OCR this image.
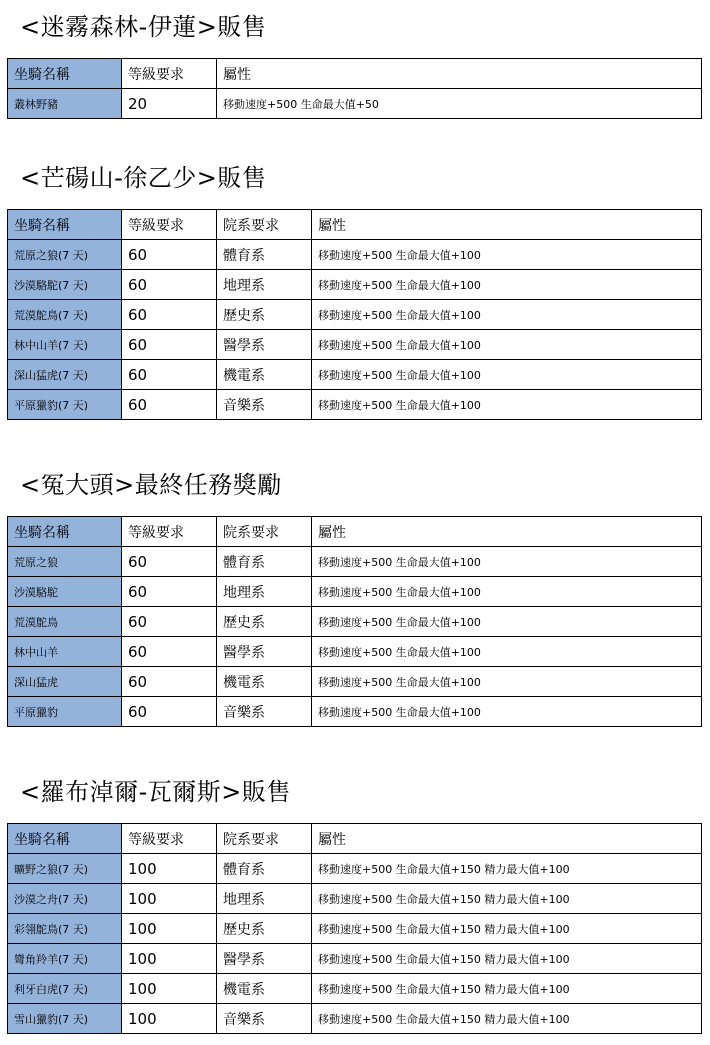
<迷霧森林-伊蓮>販售
坐騎名稱	等級要求	屬性
叢林野豬	20	移動速度+500 生命最大值+50
<芒碭山-徐乙少>販售
坐騎名稱	等級要求	院系要求	屬性
荒原之狼(7 天)	60	體育系	移動速度+500 生命最大值+100
沙漠駱駝(7 天)	60	地理系	移動速度+500 生命最大值+100
荒漠鴕鳥(7 天)	60	歷史系	移動速度+500 生命最大值+100
林中山羊(7 天)	60	醫學系	移動速度+500 生命最大值+100
深山猛虎(7 天)	60	機電系	移動速度+500 生命最大值+100
平原獵豹(7 天)	60	音樂系	移動速度+500 生命最大值+100
<冤大頭>最終任務獎勵
坐騎名稱	等級要求	院系要求	屬性
荒原之狼	60	體育系	移動速度+500 生命最大值+100
沙漠駱駝	60	地理系	移動速度+500 生命最大值+100
荒漠鴕鳥	60	歷史系	移動速度+500 生命最大值+100
林中山羊	60	醫學系	移動速度+500 生命最大值+100
深山猛虎	60	機電系	移動速度+500 生命最大值+100
平原獵豹	60	音樂系	移動速度+500 生命最大值+100
<羅布淖爾-瓦爾斯>販售
坐騎名稱	等級要求	院系要求	屬性
曠野之狼(7 天)	100	體育系	移動速度+500 生命最大值+150 精力最大值+100
沙漠之舟(7 天)	100	地理系	移動速度+500 生命最大值+150 精力最大值+100
彩翎鴕鳥(7 天)	100	歷史系	移動速度+500 生命最大值+150 精力最大值+100
彎角羚羊(7 天)	100	醫學系	移動速度+500 生命最大值+150 精力最大值+100
利牙白虎(7 天)	100	機電系	移動速度+500 生命最大值+150 精力最大值+100
雪山獵豹(7 天)	100	音樂系	移動速度+500 生命最大值+150 精力最大值+100
